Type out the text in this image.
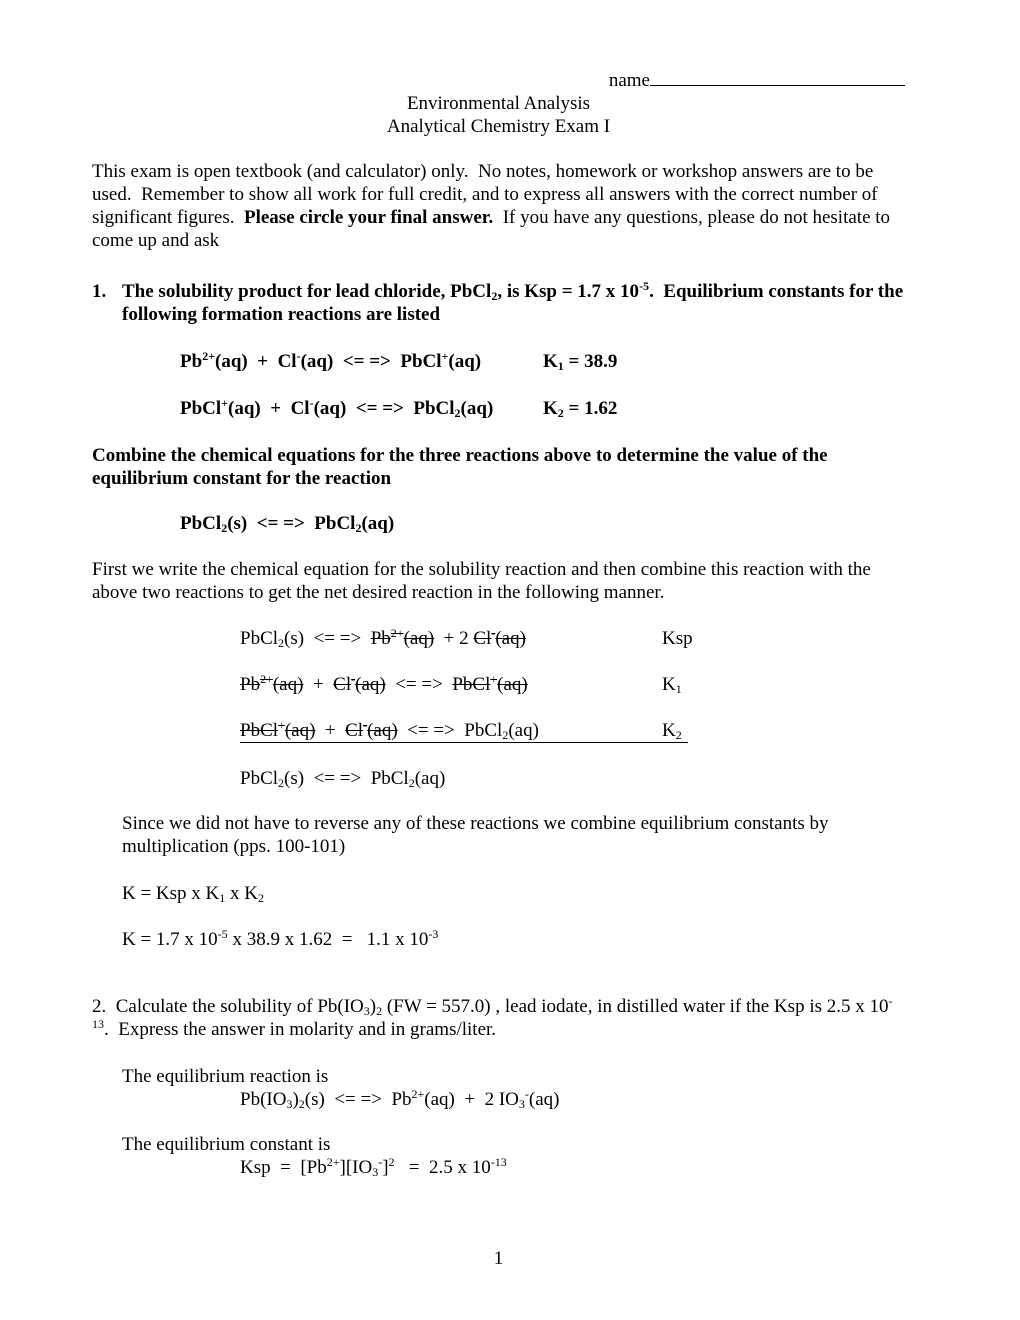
name
Environmental Analysis
Analytical Chemistry Exam I

This exam is open textbook (and calculator) only.  No notes, homework or workshop answers are to be used.  Remember to show all work for full credit, and to express all answers with the correct number of significant figures.  Please circle your final answer.  If you have any questions, please do not hesitate to come up and ask

1. The solubility product for lead chloride, PbCl$_2$, is Ksp = 1.7 x $10^{-5}$.  Equilibrium constants for the following formation reactions are listed
$Pb^{2+}(aq) + Cl^-(aq)$  <= =>  PbCl+(aq)	$K_1 = 38.9$
PbCl+(aq)  +  Cl-(aq)  <= =>  PbCl$_2$(aq)	$K_2 = 1.62$

Combine the chemical equations for the three reactions above to determine the value of the equilibrium constant for the reaction

PbCl$_2$(s)  <= =>  PbCl$_2$(aq)

First we write the chemical equation for the solubility reaction and then combine this reaction with the above two reactions to get the net desired reaction in the following manner.

PbCl$_2$(s)  <= =>  $Pb^{2+}(aq) + 2$ Cl-(aq)	Ksp
$Pb^{2+}(aq) + Cl^-(aq)$  <= =>  PbCl+(aq)	$K_1$
PbCl+(aq)  +  Cl-(aq)  <= =>  PbCl$_2$(aq)	$K_2$

PbCl$_2$(s)  <= =>  PbCl$_2$(aq)

Since we did not have to reverse any of these reactions we combine equilibrium constants by multiplication (pps. 100-101)

K = Ksp x $K_1$ x $K_2$

K = 1.7 x $10^{-5}$ x 38.9 x 1.62  =   1.1 x $10^{-3}$

2.  Calculate the solubility of $Pb(IO_3)_2$ (FW = 557.0) , lead iodate, in distilled water if the Ksp is 2.5 x $10^{-13}$.  Express the answer in molarity and in grams/liter.

The equilibrium reaction is

$Pb(IO_3)_2(s)$  <= =>  $Pb^{2+}(aq) + 2$ $IO_3^-(aq)$

The equilibrium constant is

Ksp  =  $[Pb^{2+}][IO_3^-]^2 = 2.5$ x $10^{-13}$

1
